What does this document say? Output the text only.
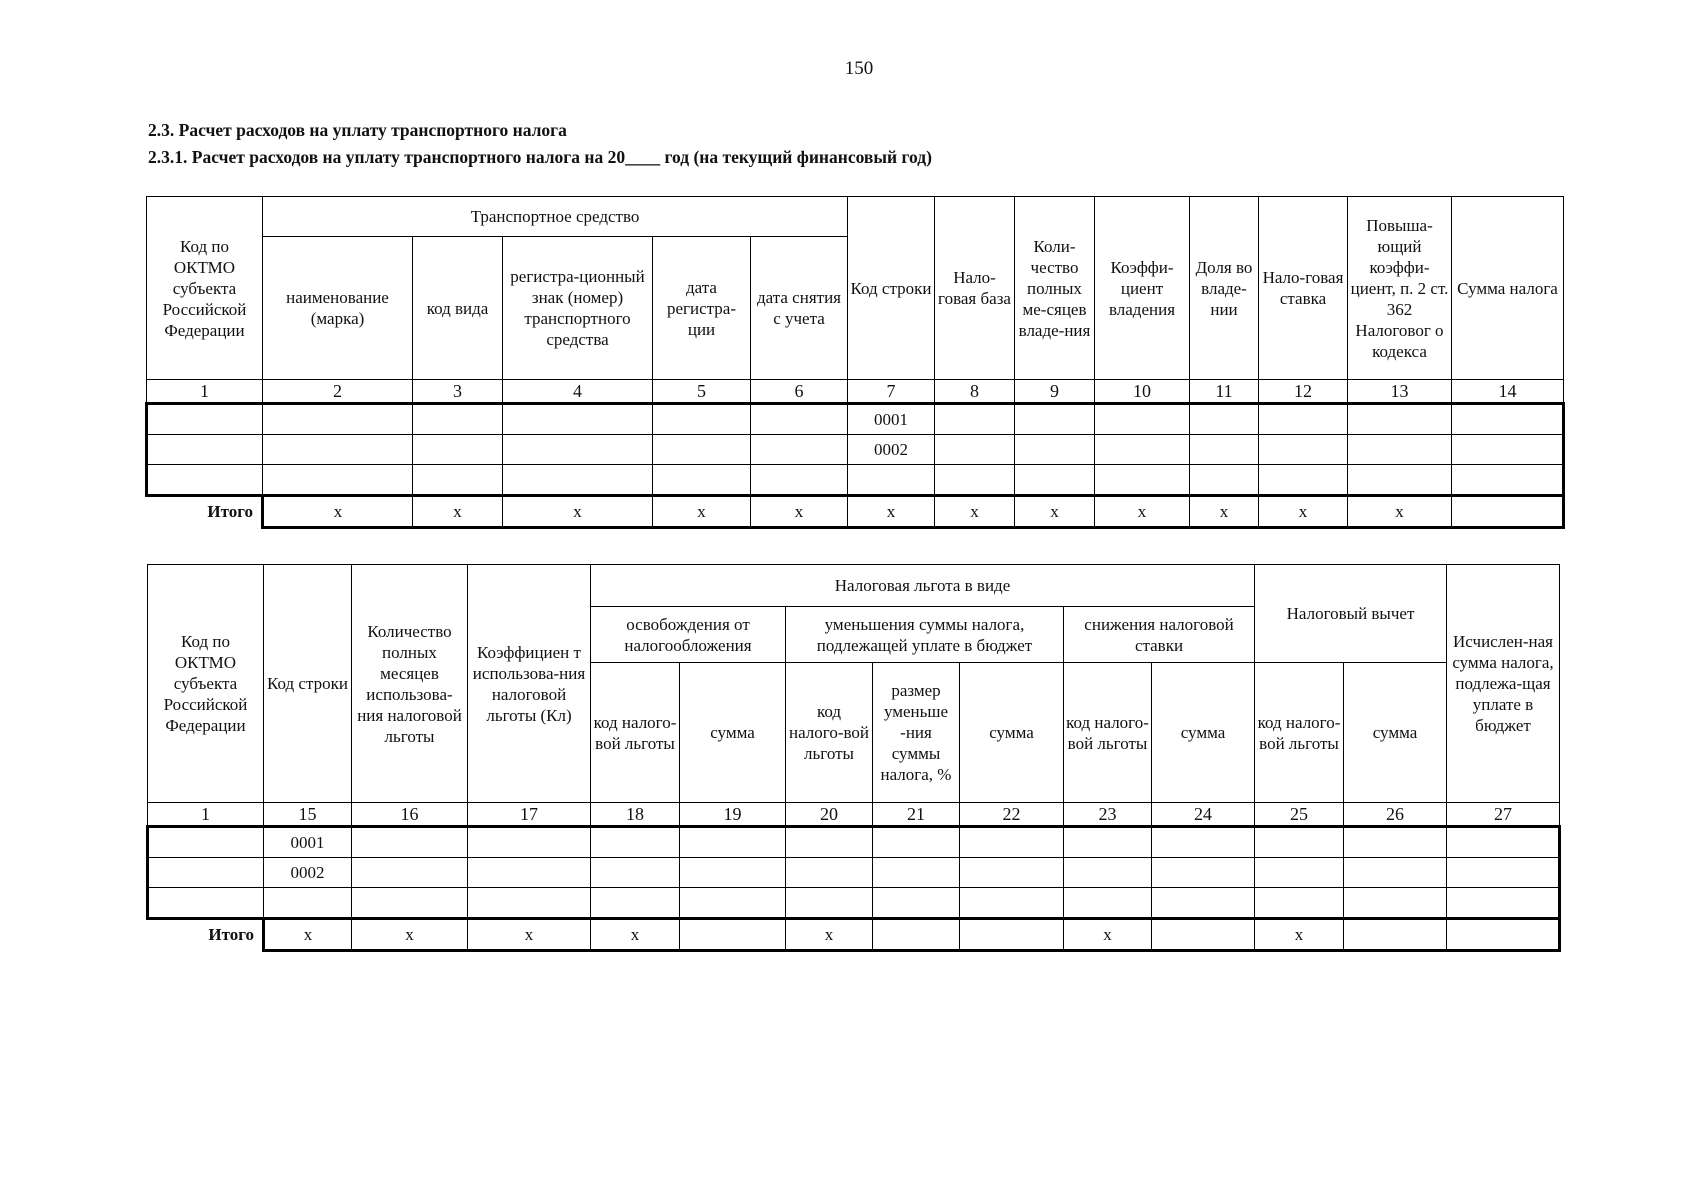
150
2.3. Расчет расходов на уплату транспортного налога
2.3.1. Расчет расходов на уплату транспортного налога на 20____ год (на текущий финансовый год)
Код по ОКТМО субъекта Российской Федерации	Транспортное средство					Код строки	Нало-говая база	Коли-чество полных ме-сяцев владе-ния	Коэффи-циент владения	Доля во владе-нии	Нало-говая ставка	Повыша-ющий коэффи-циент, п. 2 ст. 362 Налоговог о кодекса	Сумма налога
	наименование (марка)	код вида	регистра-ционный знак (номер) транспортного средства	дата регистра-ции	дата снятия с учета								
1	2	3	4	5	6	7	8	9	10	11	12	13	14
						0001							
						0002							

Итого	х	х	х	х	х	х	х	х	х	х	х	х	
Код по ОКТМО субъекта Российской Федерации	Код строки	Количество полных месяцев использова-ния налоговой льготы	Коэффициен т использова-ния налоговой льготы (Кл)	Налоговая льгота в виде							Налоговый вычет		Исчислен-ная сумма налога, подлежа-щая уплате в бюджет
				освобождения от налогообложения		уменьшения суммы налога, подлежащей уплате в бюджет			снижения налоговой ставки				
				код налого-вой льготы	сумма	код налого-вой льготы	размер уменьше -ния суммы налога, %	сумма	код налого-вой льготы	сумма	код налого-вой льготы	сумма	
1	15	16	17	18	19	20	21	22	23	24	25	26	27
	0001												
	0002												

Итого	х	х	х	х		х			х		х		
